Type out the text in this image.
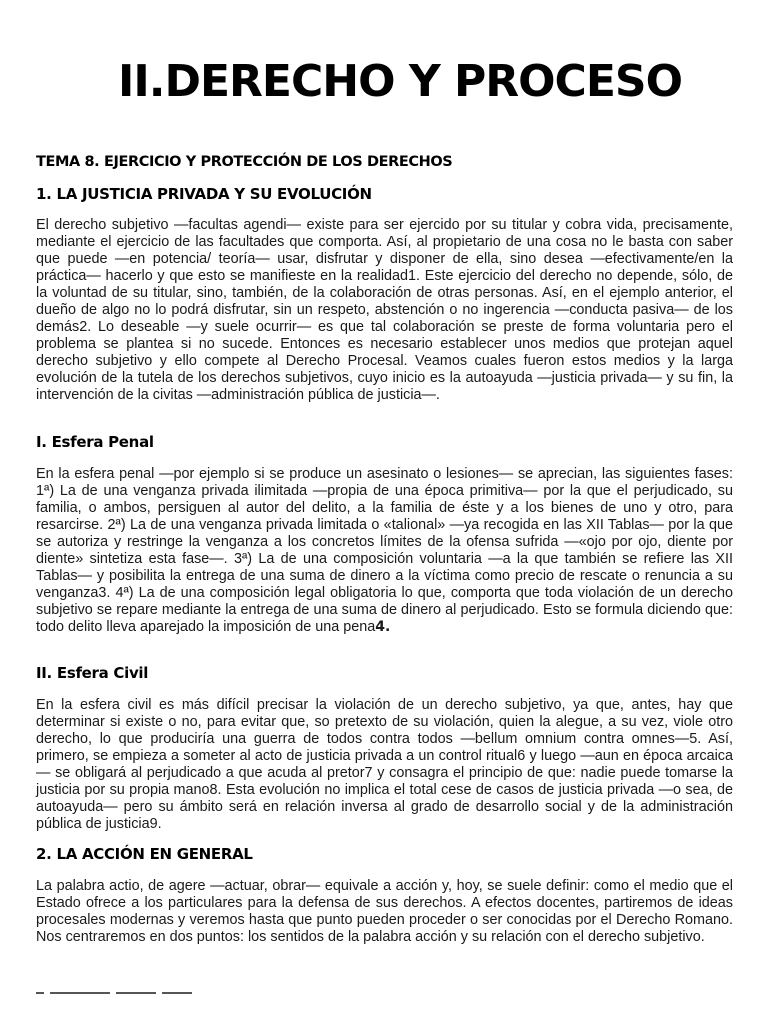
II.DERECHO Y PROCESO
TEMA 8. EJERCICIO Y PROTECCIÓN DE LOS DERECHOS
1. LA JUSTICIA PRIVADA Y SU EVOLUCIÓN

El derecho subjetivo —facultas agendi— existe para ser ejercido por su titular y cobra vida, precisamente, mediante el ejercicio de las facultades que comporta. Así, al propietario de una cosa no le basta con saber que puede —en potencia/ teoría— usar, disfrutar y disponer de ella, sino desea —efectivamente/en la práctica— hacerlo y que esto se manifieste en la realidad1. Este ejercicio del derecho no depende, sólo, de la voluntad de su titular, sino, también, de la colaboración de otras personas. Así, en el ejemplo anterior, el dueño de algo no lo podrá disfrutar, sin un respeto, abstención o no ingerencia —conducta pasiva— de los demás2. Lo deseable —y suele ocurrir— es que tal colaboración se preste de forma voluntaria pero el problema se plantea si no sucede. Entonces es necesario establecer unos medios que protejan aquel derecho subjetivo y ello compete al Derecho Procesal. Veamos cuales fueron estos medios y la larga evolución de la tutela de los derechos subjetivos, cuyo inicio es la autoayuda —justicia privada— y su fin, la intervención de la civitas —administración pública de justicia—.

I. Esfera Penal

En la esfera penal —por ejemplo si se produce un asesinato o lesiones— se aprecian, las siguientes fases: 1ª) La de una venganza privada ilimitada —propia de una época primitiva— por la que el perjudicado, su familia, o ambos, persiguen al autor del delito, a la familia de éste y a los bienes de uno y otro, para resarcirse. 2ª) La de una venganza privada limitada o «talional» —ya recogida en las XII Tablas— por la que se autoriza y restringe la venganza a los concretos límites de la ofensa sufrida —«ojo por ojo, diente por diente» sintetiza esta fase—. 3ª) La de una composición voluntaria —a la que también se refiere las XII Tablas— y posibilita la entrega de una suma de dinero a la víctima como precio de rescate o renuncia a su venganza3. 4ª) La de una composición legal obligatoria lo que, comporta que toda violación de un derecho subjetivo se repare mediante la entrega de una suma de dinero al perjudicado. Esto se formula diciendo que: todo delito lleva aparejado la imposición de una pena4.

II. Esfera Civil

En la esfera civil es más difícil precisar la violación de un derecho subjetivo, ya que, antes, hay que determinar si existe o no, para evitar que, so pretexto de su violación, quien la alegue, a su vez, viole otro derecho, lo que produciría una guerra de todos contra todos —bellum omnium contra omnes—5. Así, primero, se empieza a someter al acto de justicia privada a un control ritual6 y luego —aun en época arcaica— se obligará al perjudicado a que acuda al pretor7 y consagra el principio de que: nadie puede tomarse la justicia por su propia mano8. Esta evolución no implica el total cese de casos de justicia privada —o sea, de autoayuda— pero su ámbito será en relación inversa al grado de desarrollo social y de la administración pública de justicia9.

2. LA ACCIÓN EN GENERAL

La palabra actio, de agere —actuar, obrar— equivale a acción y, hoy, se suele definir: como el medio que el Estado ofrece a los particulares para la defensa de sus derechos. A efectos docentes, partiremos de ideas procesales modernas y veremos hasta que punto pueden proceder o ser conocidas por el Derecho Romano. Nos centraremos en dos puntos: los sentidos de la palabra acción y su relación con el derecho subjetivo.
